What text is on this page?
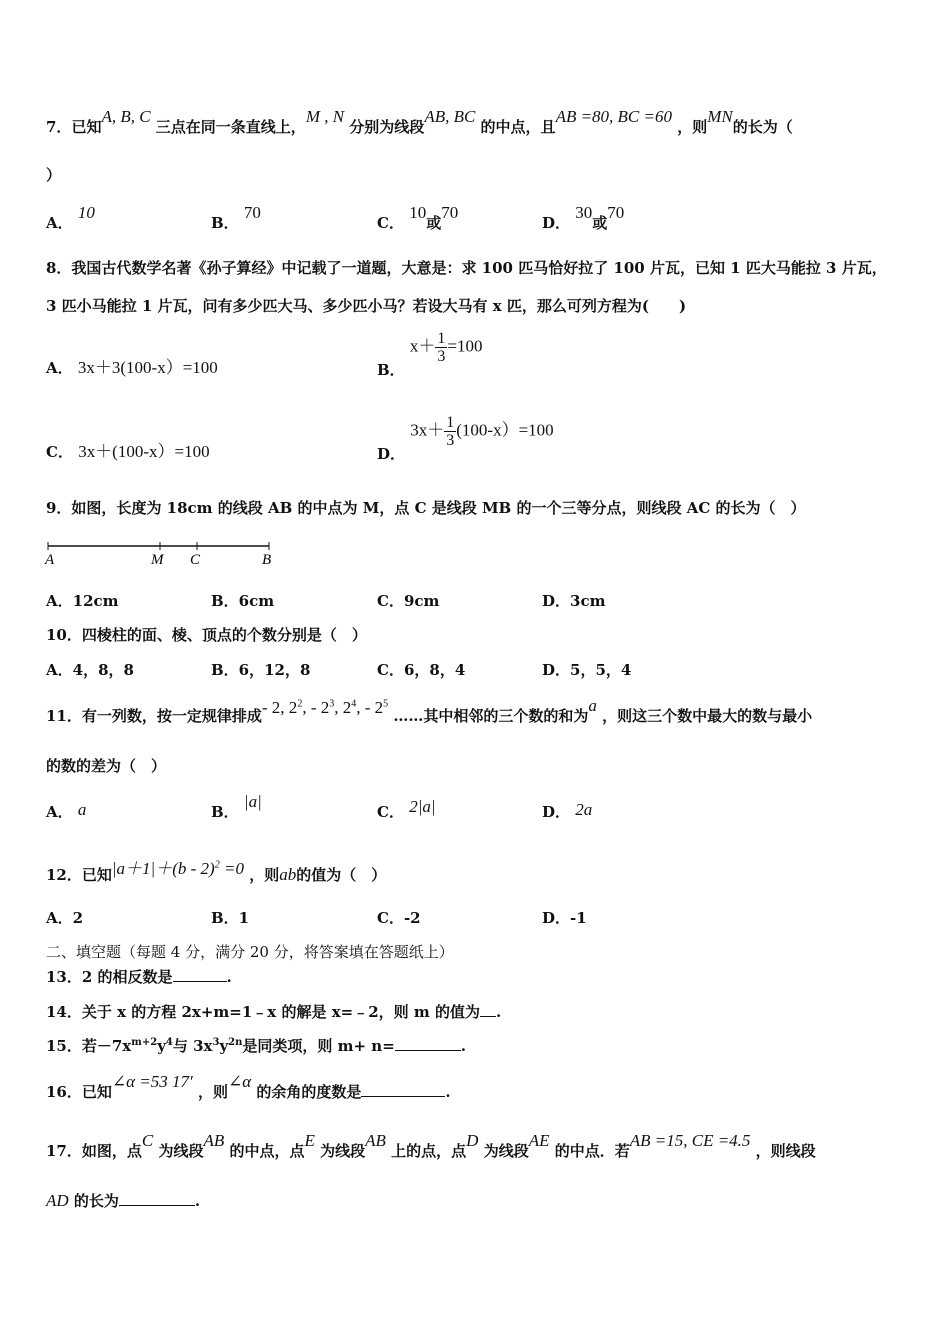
7．已知A, B, C 三点在同一条直线上，M , N 分别为线段AB, BC 的中点，且AB =80, BC =60 ，则MN的长为（
）
A． 10
B． 70
C． 10或70
D． 30或70
8．我国古代数学名著《孙子算经》中记载了一道题，大意是：求 100 匹马恰好拉了 100 片瓦，已知 1 匹大马能拉 3 片瓦，
3 匹小马能拉 1 片瓦，问有多少匹大马、多少匹小马？若设大马有 x 匹，那么可列方程为(　　)
A． 3x＋3(100-x）=100	B． $x+ \frac{1}{3} =100$
C． 3x＋(100-x）=100	D． $3x+ \frac{1}{3} (100-x)=100$
9．如图，长度为 18cm 的线段 AB 的中点为 M，点 C 是线段 MB 的一个三等分点，则线段 AC 的长为（　）
A	M C	B
A．12cm	B．6cm	C．9cm	D．3cm
10．四棱柱的面、棱、顶点的个数分别是（　）
A．4，8，8	B．6，12，8	C．6，8，4	D．5，5，4
11．有一列数，按一定规律排成- 2, $2^2$, - $2^3$, $2^4$, - $2^5$ ……其中相邻的三个数的和为a ，则这三个数中最大的数与最小
的数的差为（　）
A． a	B． |a|
C． 2|a|	D． 2a
12．已知|a＋1|＋(b - 2)$^2$ =0 ，则ab的值为（　）
A．2	B．1	C．-2	D．-1
二、填空题（每题 4 分，满分 20 分，将答案填在答题纸上）
13．2 的相反数是	.
14．关于 x 的方程 2x+m=1﹣x 的解是 x=﹣2，则 m 的值为 .
15．若$-7x^{m+2}y^4$与 $3x^3y^{2n}$是同类项，则 m+ n=	.
16．已知∠α =53 17′ ，则∠α 的余角的度数是	.
17．如图，点C 为线段AB 的中点，点E 为线段AB 上的点，点D 为线段AE 的中点．若AB =15, CE =4.5 ，则线段
AD 的长为	.
